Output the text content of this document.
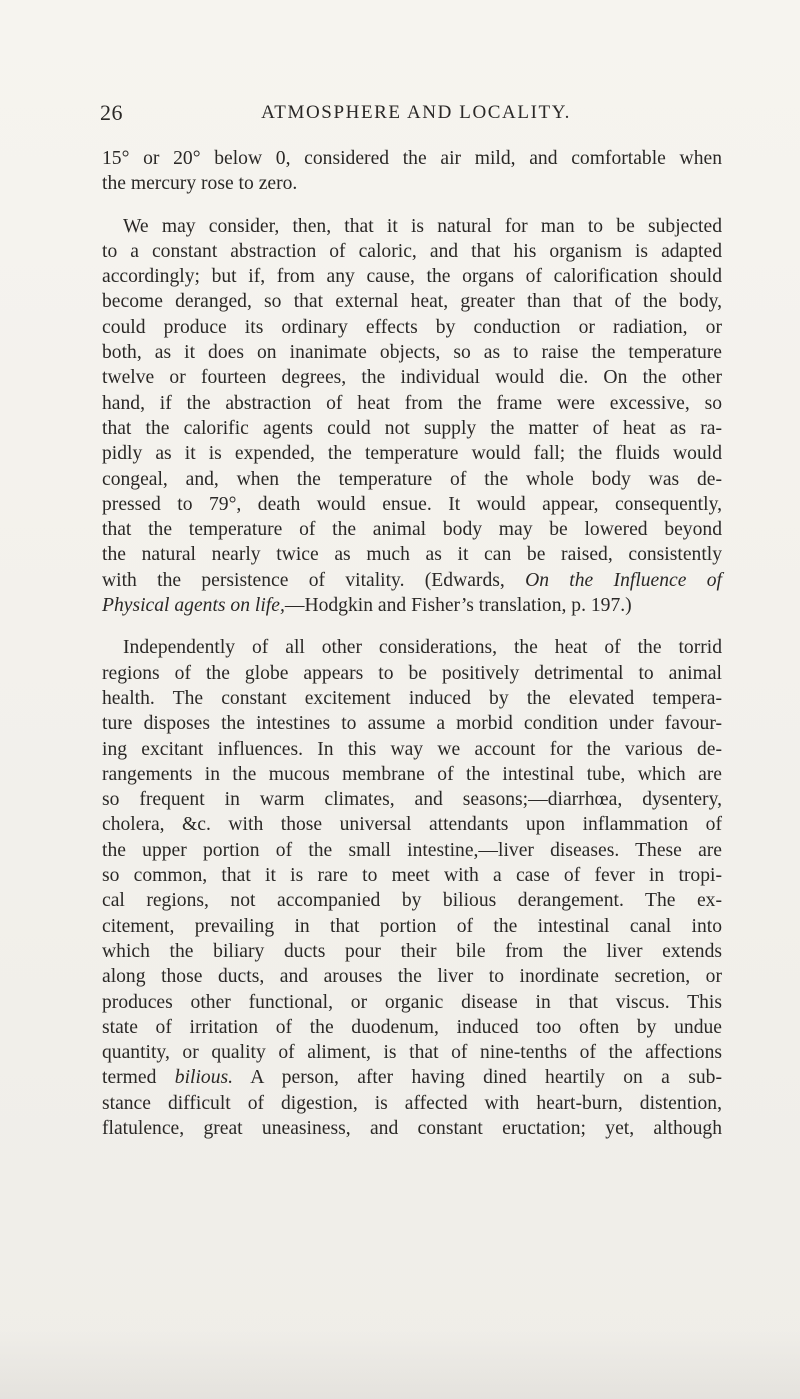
26	ATMOSPHERE AND LOCALITY.
15° or 20° below 0, considered the air mild, and comfortable when
the mercury rose to zero.
We may consider, then, that it is natural for man to be subjected
to a constant abstraction of caloric, and that his organism is adapted
accordingly; but if, from any cause, the organs of calorification should
become deranged, so that external heat, greater than that of the body,
could produce its ordinary effects by conduction or radiation, or
both, as it does on inanimate objects, so as to raise the temperature
twelve or fourteen degrees, the individual would die. On the other
hand, if the abstraction of heat from the frame were excessive, so
that the calorific agents could not supply the matter of heat as ra-
pidly as it is expended, the temperature would fall; the fluids would
congeal, and, when the temperature of the whole body was de-
pressed to 79°, death would ensue. It would appear, consequently,
that the temperature of the animal body may be lowered beyond
the natural nearly twice as much as it can be raised, consistently
with the persistence of vitality. (Edwards, On the Influence of
Physical agents on life,—Hodgkin and Fisher’s translation, p. 197.)
Independently of all other considerations, the heat of the torrid
regions of the globe appears to be positively detrimental to animal
health. The constant excitement induced by the elevated tempera-
ture disposes the intestines to assume a morbid condition under favour-
ing excitant influences. In this way we account for the various de-
rangements in the mucous membrane of the intestinal tube, which are
so frequent in warm climates, and seasons;—diarrhœa, dysentery,
cholera, &c. with those universal attendants upon inflammation of
the upper portion of the small intestine,—liver diseases. These are
so common, that it is rare to meet with a case of fever in tropi-
cal regions, not accompanied by bilious derangement. The ex-
citement, prevailing in that portion of the intestinal canal into
which the biliary ducts pour their bile from the liver extends
along those ducts, and arouses the liver to inordinate secretion, or
produces other functional, or organic disease in that viscus. This
state of irritation of the duodenum, induced too often by undue
quantity, or quality of aliment, is that of nine-tenths of the affections
termed bilious. A person, after having dined heartily on a sub-
stance difficult of digestion, is affected with heart-burn, distention,
flatulence, great uneasiness, and constant eructation; yet, although
